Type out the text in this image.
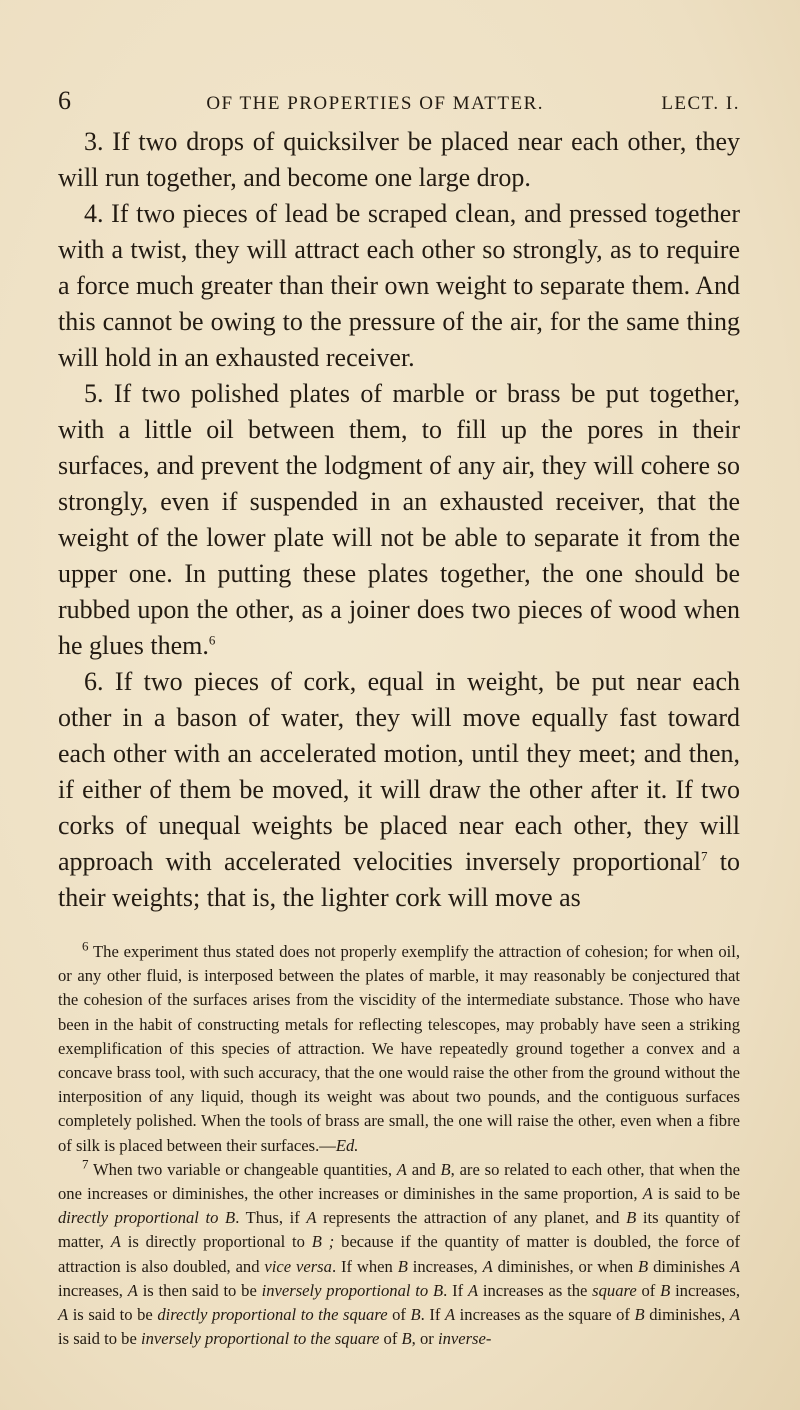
6	OF THE PROPERTIES OF MATTER.	LECT. I.

3. If two drops of quicksilver be placed near each other, they will run together, and become one large drop.

4. If two pieces of lead be scraped clean, and pressed together with a twist, they will attract each other so strongly, as to require a force much greater than their own weight to separate them. And this cannot be owing to the pressure of the air, for the same thing will hold in an exhausted receiver.

5. If two polished plates of marble or brass be put together, with a little oil between them, to fill up the pores in their surfaces, and prevent the lodgment of any air, they will cohere so strongly, even if suspended in an exhausted receiver, that the weight of the lower plate will not be able to separate it from the upper one. In putting these plates together, the one should be rubbed upon the other, as a joiner does two pieces of wood when he glues them.$^6$

6. If two pieces of cork, equal in weight, be put near each other in a bason of water, they will move equally fast toward each other with an accelerated motion, until they meet; and then, if either of them be moved, it will draw the other after it. If two corks of unequal weights be placed near each other, they will approach with accelerated velocities inversely proportional$^7$ to their weights; that is, the lighter cork will move as

$^6$ The experiment thus stated does not properly exemplify the attraction of cohesion; for when oil, or any other fluid, is interposed between the plates of marble, it may reasonably be conjectured that the cohesion of the surfaces arises from the viscidity of the intermediate substance. Those who have been in the habit of constructing metals for reflecting telescopes, may probably have seen a striking exemplification of this species of attraction. We have repeatedly ground together a convex and a concave brass tool, with such accuracy, that the one would raise the other from the ground without the interposition of any liquid, though its weight was about two pounds, and the contiguous surfaces completely polished. When the tools of brass are small, the one will raise the other, even when a fibre of silk is placed between their surfaces.—Ed.

$^7$ When two variable or changeable quantities, A and B, are so related to each other, that when the one increases or diminishes, the other increases or diminishes in the same proportion, A is said to be directly proportional to B. Thus, if A represents the attraction of any planet, and B its quantity of matter, A is directly proportional to B ; because if the quantity of matter is doubled, the force of attraction is also doubled, and vice versa. If when B increases, A diminishes, or when B diminishes A increases, A is then said to be inversely proportional to B. If A increases as the square of B increases, A is said to be directly proportional to the square of B. If A increases as the square of B diminishes, A is said to be inversely proportional to the square of B, or inverse-
